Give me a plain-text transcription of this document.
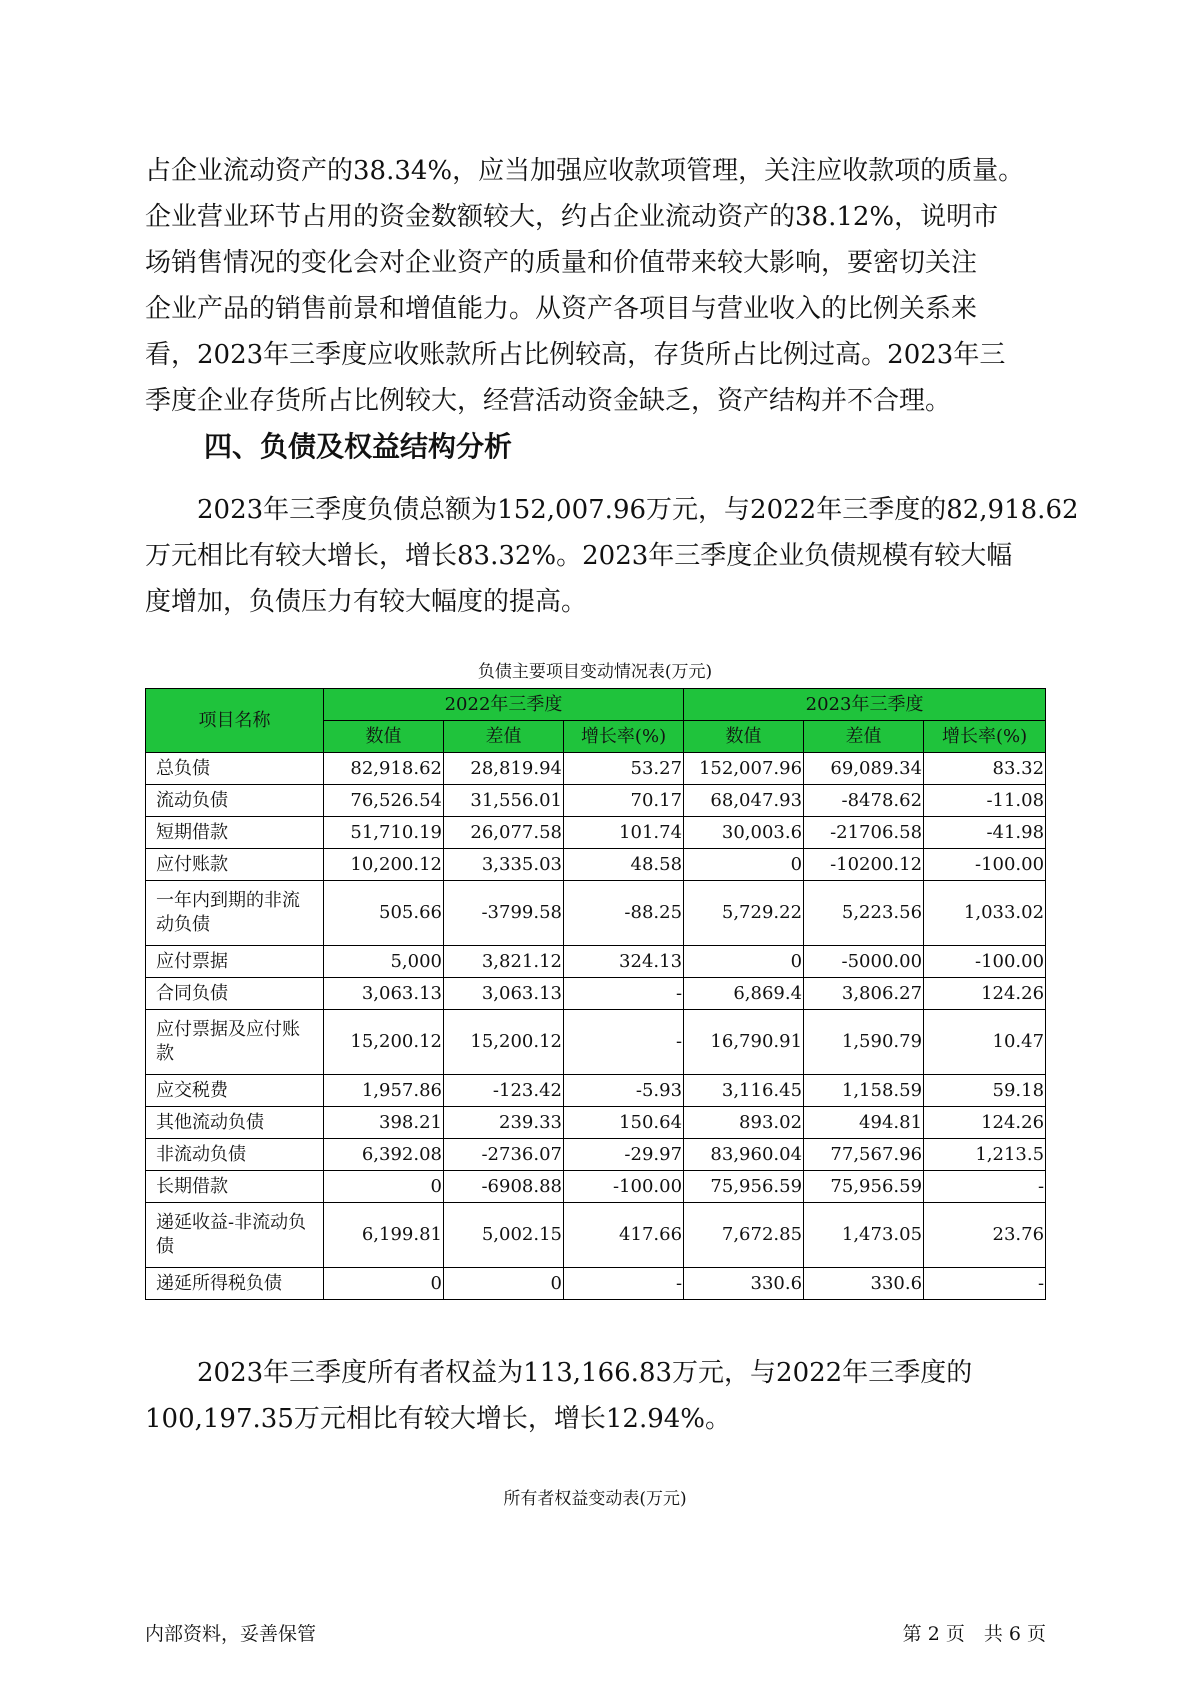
占企业流动资产的38.34%，应当加强应收款项管理，关注应收款项的质量。
企业营业环节占用的资金数额较大，约占企业流动资产的38.12%，说明市
场销售情况的变化会对企业资产的质量和价值带来较大影响，要密切关注
企业产品的销售前景和增值能力。从资产各项目与营业收入的比例关系来
看，2023年三季度应收账款所占比例较高，存货所占比例过高。2023年三
季度企业存货所占比例较大，经营活动资金缺乏，资产结构并不合理。
四、负债及权益结构分析
　　2023年三季度负债总额为152,007.96万元，与2022年三季度的82,918.62
万元相比有较大增长，增长83.32%。2023年三季度企业负债规模有较大幅
度增加，负债压力有较大幅度的提高。
负债主要项目变动情况表(万元)
项目名称	2022年三季度			2023年三季度		
	数值	差值	增长率(%)	数值	差值	增长率(%)

总负债	82,918.62	28,819.94	53.27	152,007.96	69,089.34	83.32

流动负债	76,526.54	31,556.01	70.17	68,047.93	-8478.62	-11.08

短期借款	51,710.19	26,077.58	101.74	30,003.6	-21706.58	-41.98

应付账款	10,200.12	3,335.03	48.58	0	-10200.12	-100.00

一年内到期的非流
动负债	505.66	-3799.58	-88.25	5,729.22	5,223.56	1,033.02

应付票据	5,000	3,821.12	324.13	0	-5000.00	-100.00

合同负债	3,063.13	3,063.13	-	6,869.4	3,806.27	124.26

应付票据及应付账
款	15,200.12	15,200.12	-	16,790.91	1,590.79	10.47

应交税费	1,957.86	-123.42	-5.93	3,116.45	1,158.59	59.18

其他流动负债	398.21	239.33	150.64	893.02	494.81	124.26

非流动负债	6,392.08	-2736.07	-29.97	83,960.04	77,567.96	1,213.5

长期借款	0	-6908.88	-100.00	75,956.59	75,956.59	-

递延收益-非流动负
债	6,199.81	5,002.15	417.66	7,672.85	1,473.05	23.76

递延所得税负债	0	0	-	330.6	330.6	-
　　2023年三季度所有者权益为113,166.83万元，与2022年三季度的
100,197.35万元相比有较大增长，增长12.94%。
所有者权益变动表(万元)
内部资料，妥善保管	第 2 页　共 6 页
